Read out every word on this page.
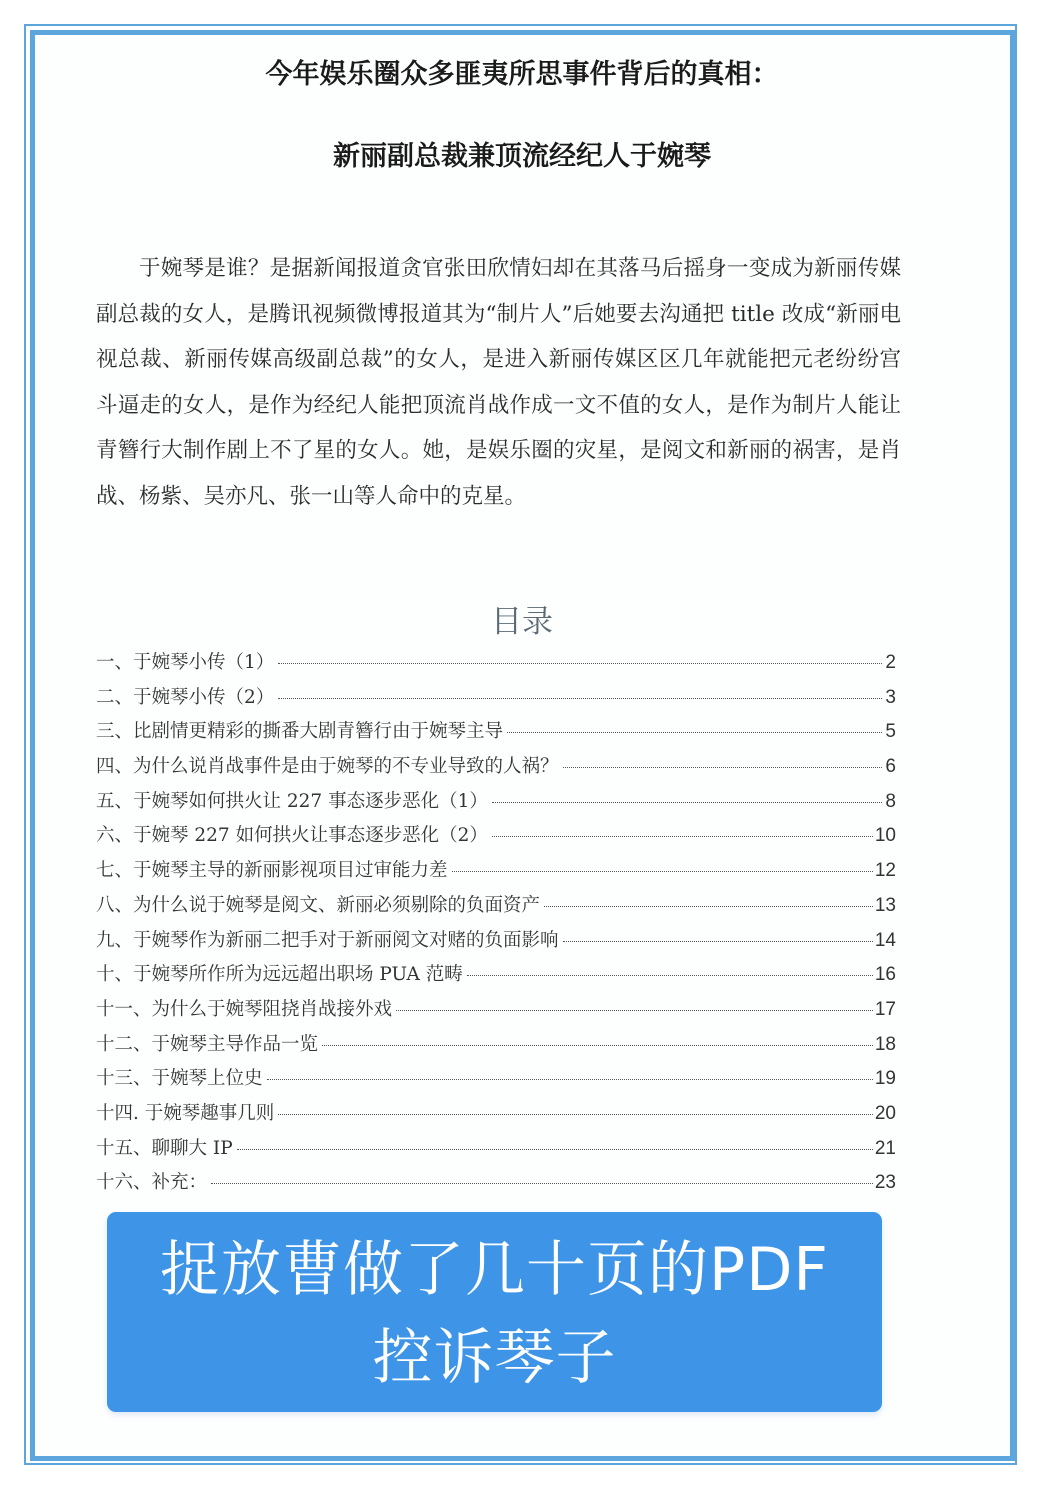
今年娱乐圈众多匪夷所思事件背后的真相：
新丽副总裁兼顶流经纪人于婉琴

于婉琴是谁？是据新闻报道贪官张田欣情妇却在其落马后摇身一变成为新丽传媒副总裁的女人，是腾讯视频微博报道其为“制片人”后她要去沟通把 title 改成“新丽电视总裁、新丽传媒高级副总裁”的女人，是进入新丽传媒区区几年就能把元老纷纷宫斗逼走的女人，是作为经纪人能把顶流肖战作成一文不值的女人，是作为制片人能让青簪行大制作剧上不了星的女人。她，是娱乐圈的灾星，是阅文和新丽的祸害，是肖战、杨紫、吴亦凡、张一山等人命中的克星。

目录
一、于婉琴小传（1）	2
二、于婉琴小传（2）	3
三、比剧情更精彩的撕番大剧青簪行由于婉琴主导	5
四、为什么说肖战事件是由于婉琴的不专业导致的人祸？	6
五、于婉琴如何拱火让 227 事态逐步恶化（1）	8
六、于婉琴 227 如何拱火让事态逐步恶化（2）	10
七、于婉琴主导的新丽影视项目过审能力差	12
八、为什么说于婉琴是阅文、新丽必须剔除的负面资产	13
九、于婉琴作为新丽二把手对于新丽阅文对赌的负面影响	14
十、于婉琴所作所为远远超出职场 PUA 范畴	16
十一、为什么于婉琴阻挠肖战接外戏	17
十二、于婉琴主导作品一览	18
十三、于婉琴上位史	19
十四. 于婉琴趣事几则	20
十五、聊聊大 IP	21
十六、补充：	23
捉放曹做了几十页的PDF
控诉琴子
